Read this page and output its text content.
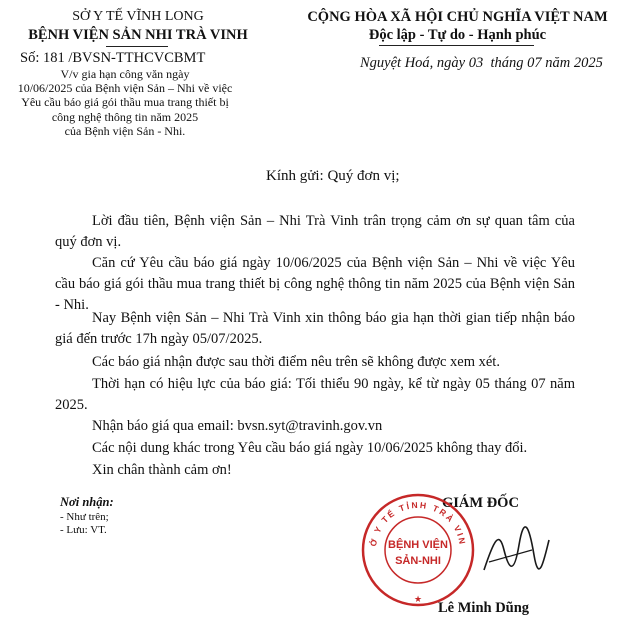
SỞ Y TẾ VĨNH LONG
BỆNH VIỆN SẢN NHI TRÀ VINH
Số: 181 /BVSN-TTHCVCBMT
V/v gia hạn công văn ngày
10/06/2025 của Bệnh viện Sản – Nhi về việc
Yêu cầu báo giá gói thầu mua trang thiết bị
công nghệ thông tin năm 2025
của Bệnh viện Sản - Nhi.
CỘNG HÒA XÃ HỘI CHỦ NGHĨA VIỆT NAM
Độc lập - Tự do - Hạnh phúc
Nguyệt Hoá, ngày 03  tháng 07 năm 2025
Kính gửi: Quý đơn vị;
Lời đầu tiên, Bệnh viện Sản – Nhi Trà Vinh trân trọng cảm ơn sự quan tâm của quý đơn vị.
Căn cứ Yêu cầu báo giá ngày 10/06/2025 của Bệnh viện Sản – Nhi về việc Yêu cầu báo giá gói thầu mua trang thiết bị công nghệ thông tin năm 2025 của Bệnh viện Sản - Nhi.
Nay Bệnh viện Sản – Nhi Trà Vinh xin thông báo gia hạn thời gian tiếp nhận báo giá đến trước 17h ngày 05/07/2025.
Các báo giá nhận được sau thời điểm nêu trên sẽ không được xem xét.
Thời hạn có hiệu lực của báo giá: Tối thiểu 90 ngày, kể từ ngày 05 tháng 07 năm 2025.
Nhận báo giá qua email: bvsn.syt@travinh.gov.vn
Các nội dung khác trong Yêu cầu báo giá ngày 10/06/2025 không thay đổi.
Xin chân thành cảm ơn!
Nơi nhận:
- Như trên;
- Lưu: VT.
GIÁM ĐỐC
Ở Y TẾ TỈNH TRÀ VIN
BỆNH VIỆN
SẢN-NHI
★
Lê Minh Dũng
